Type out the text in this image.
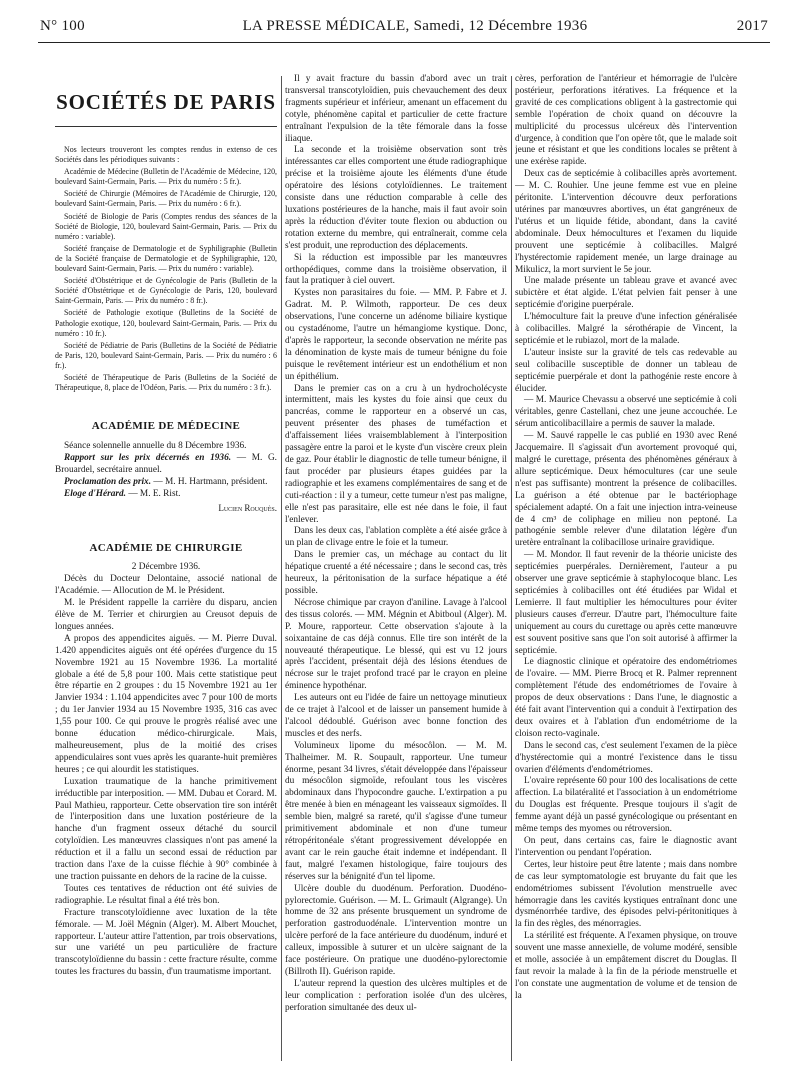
N° 100	LA PRESSE MÉDICALE, Samedi, 12 Décembre 1936	2017
SOCIÉTÉS DE PARIS

Nos lecteurs trouveront les comptes rendus in extenso de ces Sociétés dans les périodiques suivants :

Académie de Médecine (Bulletin de l'Académie de Médecine, 120, boulevard Saint-Germain, Paris. — Prix du numéro : 5 fr.).

Société de Chirurgie (Mémoires de l'Académie de Chirurgie, 120, boulevard Saint-Germain, Paris. — Prix du numéro : 6 fr.).

Société de Biologie de Paris (Comptes rendus des séances de la Société de Biologie, 120, boulevard Saint-Germain, Paris. — Prix du numéro : variable).

Société française de Dermatologie et de Syphiligraphie (Bulletin de la Société française de Dermatologie et de Syphiligraphie, 120, boulevard Saint-Germain, Paris. — Prix du numéro : variable).

Société d'Obstétrique et de Gynécologie de Paris (Bulletin de la Société d'Obstétrique et de Gynécologie de Paris, 120, boulevard Saint-Germain, Paris. — Prix du numéro : 8 fr.).

Société de Pathologie exotique (Bulletins de la Société de Pathologie exotique, 120, boulevard Saint-Germain, Paris. — Prix du numéro : 10 fr.).

Société de Pédiatrie de Paris (Bulletins de la Société de Pédiatrie de Paris, 120, boulevard Saint-Germain, Paris. — Prix du numéro : 6 fr.).

Société de Thérapeutique de Paris (Bulletins de la Société de Thérapeutique, 8, place de l'Odéon, Paris. — Prix du numéro : 3 fr.).

ACADÉMIE DE MÉDECINE

Séance solennelle annuelle du 8 Décembre 1936.

Rapport sur les prix décernés en 1936. — M. G. Brouardel, secrétaire annuel.

Proclamation des prix. — M. H. Hartmann, président.

Eloge d'Hérard. — M. E. Rist.

Lucien Rouquès.

ACADÉMIE DE CHIRURGIE

2 Décembre 1936.

Décès du Docteur Delontaine, associé national de l'Académie. — Allocution de M. le Président.

M. le Président rappelle la carrière du disparu, ancien élève de M. Terrier et chirurgien au Creusot depuis de longues années.

A propos des appendicites aiguës. — M. Pierre Duval. 1.420 appendicites aiguës ont été opérées d'urgence du 15 Novembre 1921 au 15 Novembre 1936. La mortalité globale a été de 5,8 pour 100. Mais cette statistique peut être répartie en 2 groupes : du 15 Novembre 1921 au 1er Janvier 1934 : 1.104 appendicites avec 7 pour 100 de morts ; du 1er Janvier 1934 au 15 Novembre 1935, 316 cas avec 1,55 pour 100. Ce qui prouve le progrès réalisé avec une bonne éducation médico-chirurgicale. Mais, malheureusement, plus de la moitié des crises appendiculaires sont vues après les quarante-huit premières heures ; ce qui alourdit les statistiques.

Luxation traumatique de la hanche primitivement irréductible par interposition. — MM. Dubau et Corard. M. Paul Mathieu, rapporteur. Cette observation tire son intérêt de l'interposition dans une luxation postérieure de la hanche d'un fragment osseux détaché du sourcil cotyloïdien. Les manœuvres classiques n'ont pas amené la réduction et il a fallu un second essai de réduction par traction dans l'axe de la cuisse fléchie à 90° combinée à une traction puissante en dehors de la racine de la cuisse.

Toutes ces tentatives de réduction ont été suivies de radiographie. Le résultat final a été très bon.

Fracture transcotyloïdienne avec luxation de la tête fémorale. — M. Joël Mégnin (Alger). M. Albert Mouchet, rapporteur. L'auteur attire l'attention, par trois observations, sur une variété un peu particulière de fracture transcotyloïdienne du bassin : cette fracture résulte, comme toutes les fractures du bassin, d'un traumatisme important.

Il y avait fracture du bassin d'abord avec un trait transversal transcotyloïdien, puis chevauchement des deux fragments supérieur et inférieur, amenant un effacement du cotyle, phénomène capital et particulier de cette fracture entraînant l'expulsion de la tête fémorale dans la fosse iliaque.

La seconde et la troisième observation sont très intéressantes car elles comportent une étude radiographique précise et la troisième ajoute les éléments d'une étude opératoire des lésions cotyloïdiennes. Le traitement consiste dans une réduction comparable à celle des luxations postérieures de la hanche, mais il faut avoir soin après la réduction d'éviter toute flexion ou abduction ou rotation externe du membre, qui entraînerait, comme cela s'est produit, une reproduction des déplacements.

Si la réduction est impossible par les manœuvres orthopédiques, comme dans la troisième observation, il faut la pratiquer à ciel ouvert.

Kystes non parasitaires du foie. — MM. P. Fabre et J. Gadrat. M. P. Wilmoth, rapporteur. De ces deux observations, l'une concerne un adénome biliaire kystique ou cystadénome, l'autre un hémangiome kystique. Donc, d'après le rapporteur, la seconde observation ne mérite pas la dénomination de kyste mais de tumeur bénigne du foie puisque le revêtement intérieur est un endothélium et non un épithélium.

Dans le premier cas on a cru à un hydrocholécyste intermittent, mais les kystes du foie ainsi que ceux du pancréas, comme le rapporteur en a observé un cas, peuvent présenter des phases de tuméfaction et d'affaissement liées vraisemblablement à l'interposition passagère entre la paroi et le kyste d'un viscère creux plein de gaz. Pour établir le diagnostic de telle tumeur bénigne, il faut procéder par plusieurs étapes guidées par la radiographie et les examens complémentaires de sang et de cuti-réaction : il y a tumeur, cette tumeur n'est pas maligne, elle n'est pas parasitaire, elle est née dans le foie, il faut l'enlever.

Dans les deux cas, l'ablation complète a été aisée grâce à un plan de clivage entre le foie et la tumeur.

Dans le premier cas, un méchage au contact du lit hépatique cruenté a été nécessaire ; dans le second cas, très heureux, la péritonisation de la surface hépatique a été possible.

Nécrose chimique par crayon d'aniline. Lavage à l'alcool des tissus colorés. — MM. Mégnin et Abitboul (Alger). M. P. Moure, rapporteur. Cette observation s'ajoute à la soixantaine de cas déjà connus. Elle tire son intérêt de la nouveauté thérapeutique. Le blessé, qui est vu 12 jours après l'accident, présentait déjà des lésions étendues de nécrose sur le trajet profond tracé par le crayon en pleine éminence hypothénar.

Les auteurs ont eu l'idée de faire un nettoyage minutieux de ce trajet à l'alcool et de laisser un pansement humide à l'alcool dédoublé. Guérison avec bonne fonction des muscles et des nerfs.

Volumineux lipome du mésocôlon. — M. M. Thalheimer. M. R. Soupault, rapporteur. Une tumeur énorme, pesant 34 livres, s'était développée dans l'épaisseur du mésocôlon sigmoïde, refoulant tous les viscères abdominaux dans l'hypocondre gauche. L'extirpation a pu être menée à bien en ménageant les vaisseaux sigmoïdes. Il semble bien, malgré sa rareté, qu'il s'agisse d'une tumeur primitivement abdominale et non d'une tumeur rétropéritonéale s'étant progressivement développée en avant car le rein gauche était indemne et indépendant. Il faut, malgré l'examen histologique, faire toujours des réserves sur la bénignité d'un tel lipome.

Ulcère double du duodénum. Perforation. Duodéno-pylorectomie. Guérison. — M. L. Grimault (Algrange). Un homme de 32 ans présente brusquement un syndrome de perforation gastroduodénale. L'intervention montre un ulcère perforé de la face antérieure du duodénum, induré et calleux, impossible à suturer et un ulcère saignant de la face postérieure. On pratique une duodéno-pylorectomie (Billroth II). Guérison rapide.

L'auteur reprend la question des ulcères multiples et de leur complication : perforation isolée d'un des ulcères, perforation simultanée des deux ul-

cères, perforation de l'antérieur et hémorragie de l'ulcère postérieur, perforations itératives. La fréquence et la gravité de ces complications obligent à la gastrectomie qui semble l'opération de choix quand on découvre la multiplicité du processus ulcéreux dès l'intervention d'urgence, à condition que l'on opère tôt, que le malade soit jeune et résistant et que les conditions locales se prêtent à une exérèse rapide.

Deux cas de septicémie à colibacilles après avortement. — M. C. Rouhier. Une jeune femme est vue en pleine péritonite. L'intervention découvre deux perforations utérines par manœuvres abortives, un état gangréneux de l'utérus et un liquide fétide, abondant, dans la cavité abdominale. Deux hémocultures et l'examen du liquide prouvent une septicémie à colibacilles. Malgré l'hystérectomie rapidement menée, un large drainage au Mikulicz, la mort survient le 5e jour.

Une malade présente un tableau grave et avancé avec subictère et état algide. L'état pelvien fait penser à une septicémie d'origine puerpérale.

L'hémoculture fait la preuve d'une infection généralisée à colibacilles. Malgré la sérothérapie de Vincent, la septicémie et le rubiazol, mort de la malade.

L'auteur insiste sur la gravité de tels cas redevable au seul colibacille susceptible de donner un tableau de septicémie puerpérale et dont la pathogénie reste encore à élucider.

— M. Maurice Chevassu a observé une septicémie à coli véritables, genre Castellani, chez une jeune accouchée. Le sérum anticolibacillaire a permis de sauver la malade.

— M. Sauvé rappelle le cas publié en 1930 avec René Jacquemaire. Il s'agissait d'un avortement provoqué qui, malgré le curettage, présenta des phénomènes généraux à allure septicémique. Deux hémocultures (car une seule n'est pas suffisante) montrent la présence de colibacilles. La guérison a été obtenue par le bactériophage spécialement adapté. On a fait une injection intra-veineuse de 4 cm³ de coliphage en milieu non peptoné. La pathogénie semble relever d'une dilatation légère d'un uretère entraînant la colibacillose urinaire gravidique.

— M. Mondor. Il faut revenir de la théorie uniciste des septicémies puerpérales. Dernièrement, l'auteur a pu observer une grave septicémie à staphylocoque blanc. Les septicémies à colibacilles ont été étudiées par Widal et Lemierre. Il faut multiplier les hémocultures pour éviter plusieurs causes d'erreur. D'autre part, l'hémoculture faite uniquement au cours du curettage ou après cette manœuvre est souvent positive sans que l'on soit autorisé à affirmer la septicémie.

Le diagnostic clinique et opératoire des endométriomes de l'ovaire. — MM. Pierre Brocq et R. Palmer reprennent complètement l'étude des endométriomes de l'ovaire à propos de deux observations : Dans l'une, le diagnostic a été fait avant l'intervention qui a conduit à l'extirpation des deux ovaires et à l'ablation d'un endométriome de la cloison recto-vaginale.

Dans le second cas, c'est seulement l'examen de la pièce d'hystérectomie qui a montré l'existence dans le tissu ovarien d'éléments d'endométriomes.

L'ovaire représente 60 pour 100 des localisations de cette affection. La bilatéralité et l'association à un endométriome du Douglas est fréquente. Presque toujours il s'agit de femme ayant déjà un passé gynécologique ou présentant en même temps des myomes ou rétroversion.

On peut, dans certains cas, faire le diagnostic avant l'intervention ou pendant l'opération.

Certes, leur histoire peut être latente ; mais dans nombre de cas leur symptomatologie est bruyante du fait que les endométriomes subissent l'évolution menstruelle avec hémorragie dans les cavités kystiques entraînant donc une dysménorrhée tardive, des épisodes pelvi-péritonitiques à la fin des règles, des ménorragies.

La stérilité est fréquente. A l'examen physique, on trouve souvent une masse annexielle, de volume modéré, sensible et molle, associée à un empâtement discret du Douglas. Il faut revoir la malade à la fin de la période menstruelle et l'on constate une augmentation de volume et de tension de la
